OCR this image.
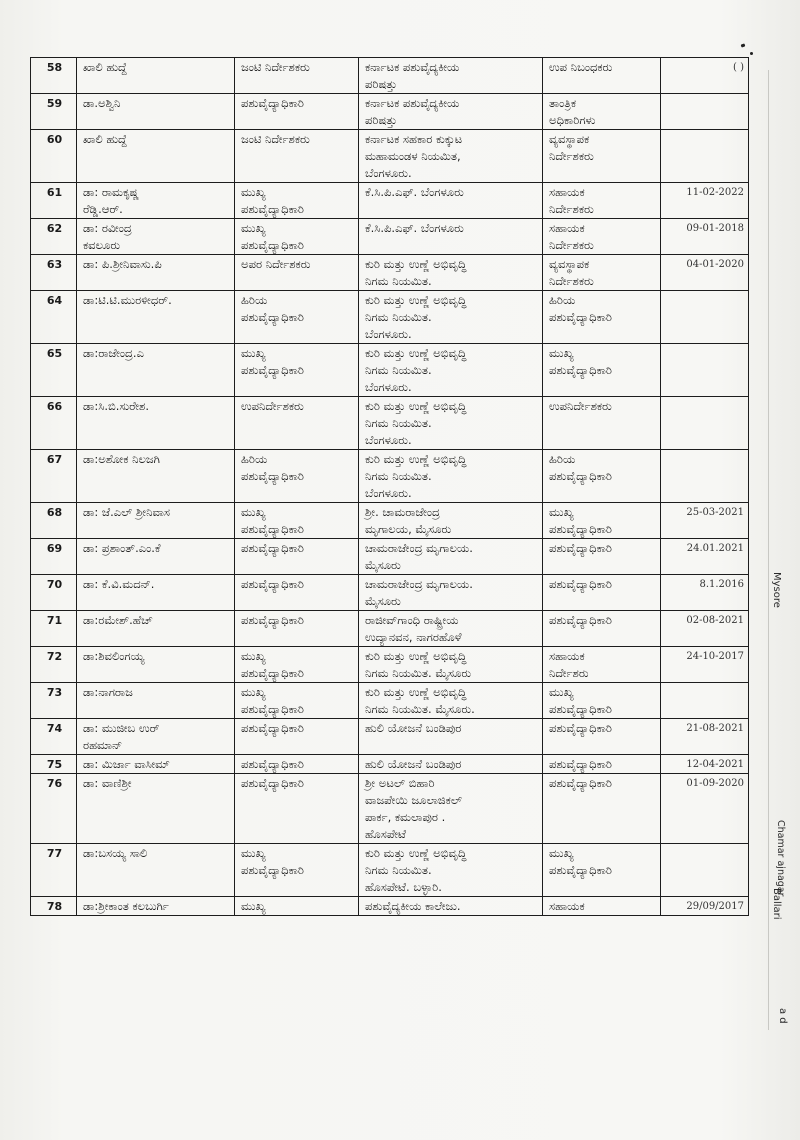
58	ಖಾಲಿ ಹುದ್ದೆ	ಜಂಟಿ ನಿರ್ದೇಶಕರು	ಕರ್ನಾಟಕ ಪಶುವೈದ್ಯಕೀಯ
ಪರಿಷತ್ತು	ಉಪ ನಿಬಂಧಕರು	( )
59	ಡಾ.ಅಶ್ವಿನಿ	ಪಶುವೈದ್ಯಾಧಿಕಾರಿ	ಕರ್ನಾಟಕ ಪಶುವೈದ್ಯಕೀಯ
ಪರಿಷತ್ತು	ತಾಂತ್ರಿಕ
ಅಧಿಕಾರಿಗಳು	
60	ಖಾಲಿ ಹುದ್ದೆ	ಜಂಟಿ ನಿರ್ದೇಶಕರು	ಕರ್ನಾಟಕ ಸಹಕಾರ ಕುಕ್ಕುಟ
ಮಹಾಮಂಡಳ ನಿಯಮಿತ,
ಬೆಂಗಳೂರು.	ವ್ಯವಸ್ಥಾಪಕ
ನಿರ್ದೇಶಕರು	
61	ಡಾ: ರಾಮಕೃಷ್ಣ
ರೆಡ್ಡಿ.ಆರ್.	ಮುಖ್ಯ
ಪಶುವೈದ್ಯಾಧಿಕಾರಿ	ಕೆ.ಸಿ.ಪಿ.ಎಫ್. ಬೆಂಗಳೂರು	ಸಹಾಯಕ
ನಿರ್ದೇಶಕರು	11-02-2022
62	ಡಾ: ರವೀಂದ್ರ
ಕವಲೂರು	ಮುಖ್ಯ
ಪಶುವೈದ್ಯಾಧಿಕಾರಿ	ಕೆ.ಸಿ.ಪಿ.ಎಫ್. ಬೆಂಗಳೂರು	ಸಹಾಯಕ
ನಿರ್ದೇಶಕರು	09-01-2018
63	ಡಾ: ಪಿ.ಶ್ರೀನಿವಾಸು.ಪಿ	ಅಪರ ನಿರ್ದೇಶಕರು	ಕುರಿ ಮತ್ತು ಉಣ್ಣೆ ಅಭಿವೃದ್ಧಿ
ನಿಗಮ ನಿಯಮಿತ.	ವ್ಯವಸ್ಥಾಪಕ
ನಿರ್ದೇಶಕರು	04-01-2020
64	ಡಾ:ಟಿ.ಟಿ.ಮುರಳೀಧರ್.	ಹಿರಿಯ
ಪಶುವೈದ್ಯಾಧಿಕಾರಿ	ಕುರಿ ಮತ್ತು ಉಣ್ಣೆ ಅಭಿವೃದ್ಧಿ
ನಿಗಮ ನಿಯಮಿತ.
ಬೆಂಗಳೂರು.	ಹಿರಿಯ
ಪಶುವೈದ್ಯಾಧಿಕಾರಿ	
65	ಡಾ:ರಾಜೇಂದ್ರ.ಎ	ಮುಖ್ಯ
ಪಶುವೈದ್ಯಾಧಿಕಾರಿ	ಕುರಿ ಮತ್ತು ಉಣ್ಣೆ ಅಭಿವೃದ್ಧಿ
ನಿಗಮ ನಿಯಮಿತ.
ಬೆಂಗಳೂರು.	ಮುಖ್ಯ
ಪಶುವೈದ್ಯಾಧಿಕಾರಿ	
66	ಡಾ:ಸಿ.ಬಿ.ಸುರೇಶ.	ಉಪನಿರ್ದೇಶಕರು	ಕುರಿ ಮತ್ತು ಉಣ್ಣೆ ಅಭಿವೃದ್ಧಿ
ನಿಗಮ ನಿಯಮಿತ.
ಬೆಂಗಳೂರು.	ಉಪನಿರ್ದೇಶಕರು	
67	ಡಾ:ಅಶೋಕ ನಿಲಜಗಿ	ಹಿರಿಯ
ಪಶುವೈದ್ಯಾಧಿಕಾರಿ	ಕುರಿ ಮತ್ತು ಉಣ್ಣೆ ಅಭಿವೃದ್ಧಿ
ನಿಗಮ ನಿಯಮಿತ.
ಬೆಂಗಳೂರು.	ಹಿರಿಯ
ಪಶುವೈದ್ಯಾಧಿಕಾರಿ	
68	ಡಾ: ಜೆ.ಎಲ್ ಶ್ರೀನಿವಾಸ	ಮುಖ್ಯ
ಪಶುವೈದ್ಯಾಧಿಕಾರಿ	ಶ್ರೀ. ಚಾಮರಾಜೇಂದ್ರ
ಮೃಗಾಲಯ, ಮೈಸೂರು	ಮುಖ್ಯ
ಪಶುವೈದ್ಯಾಧಿಕಾರಿ	25-03-2021
69	ಡಾ: ಪ್ರಶಾಂತ್.ಎಂ.ಕೆ	ಪಶುವೈದ್ಯಾಧಿಕಾರಿ	ಚಾಮರಾಜೇಂದ್ರ ಮೃಗಾಲಯ.
ಮೈಸೂರು	ಪಶುವೈದ್ಯಾಧಿಕಾರಿ	24.01.2021
70	ಡಾ: ಕೆ.ವಿ.ಮದನ್.	ಪಶುವೈದ್ಯಾಧಿಕಾರಿ	ಚಾಮರಾಜೇಂದ್ರ ಮೃಗಾಲಯ.
ಮೈಸೂರು	ಪಶುವೈದ್ಯಾಧಿಕಾರಿ	8.1.2016
71	ಡಾ:ರಮೇಶ್.ಹೆಚ್	ಪಶುವೈದ್ಯಾಧಿಕಾರಿ	ರಾಜೀವ್‌ಗಾಂಧಿ ರಾಷ್ಟ್ರೀಯ
ಉದ್ಯಾನವನ, ನಾಗರಹೊಳೆ	ಪಶುವೈದ್ಯಾಧಿಕಾರಿ	02-08-2021
72	ಡಾ:ಶಿವಲಿಂಗಯ್ಯ	ಮುಖ್ಯ
ಪಶುವೈದ್ಯಾಧಿಕಾರಿ	ಕುರಿ ಮತ್ತು ಉಣ್ಣೆ ಅಭಿವೃದ್ಧಿ
ನಿಗಮ ನಿಯಮಿತ. ಮೈಸೂರು	ಸಹಾಯಕ
ನಿರ್ದೇಶರು	24-10-2017
73	ಡಾ:ನಾಗರಾಜ	ಮುಖ್ಯ
ಪಶುವೈದ್ಯಾಧಿಕಾರಿ	ಕುರಿ ಮತ್ತು ಉಣ್ಣೆ ಅಭಿವೃದ್ಧಿ
ನಿಗಮ ನಿಯಮಿತ. ಮೈಸೂರು.	ಮುಖ್ಯ
ಪಶುವೈದ್ಯಾಧಿಕಾರಿ	
74	ಡಾ: ಮುಜೀಬ ಉರ್
ರಹಮಾನ್	ಪಶುವೈದ್ಯಾಧಿಕಾರಿ	ಹುಲಿ ಯೋಜನೆ ಬಂಡಿಪುರ	ಪಶುವೈದ್ಯಾಧಿಕಾರಿ	21-08-2021
75	ಡಾ: ಮಿರ್ಜಾ ವಾಸೀಮ್	ಪಶುವೈದ್ಯಾಧಿಕಾರಿ	ಹುಲಿ ಯೋಜನೆ ಬಂಡಿಪುರ	ಪಶುವೈದ್ಯಾಧಿಕಾರಿ	12-04-2021
76	ಡಾ: ವಾಣಿಶ್ರೀ	ಪಶುವೈದ್ಯಾಧಿಕಾರಿ	ಶ್ರೀ ಅಟಲ್ ಬಿಹಾರಿ
ವಾಜಪೇಯಿ ಜೂಲಾಜಿಕಲ್
ಪಾರ್ಕ, ಕಮಲಾಪುರ .
ಹೊಸಪೇಟೆ	ಪಶುವೈದ್ಯಾಧಿಕಾರಿ	01-09-2020
77	ಡಾ:ಬಸಯ್ಯ ಸಾಲಿ	ಮುಖ್ಯ
ಪಶುವೈದ್ಯಾಧಿಕಾರಿ	ಕುರಿ ಮತ್ತು ಉಣ್ಣೆ ಅಭಿವೃದ್ಧಿ
ನಿಗಮ ನಿಯಮಿತ.
ಹೊಸಪೇಟೆ. ಬಳ್ಳಾರಿ.	ಮುಖ್ಯ
ಪಶುವೈದ್ಯಾಧಿಕಾರಿ	
78	ಡಾ:ಶ್ರೀಕಾಂತ ಕಲಬುರ್ಗಿ	ಮುಖ್ಯ	ಪಶುವೈದ್ಯಕೀಯ ಕಾಲೇಜು.	ಸಹಾಯಕ	29/09/2017
Mysore
Chamar ajnagar
Ballari
a d
